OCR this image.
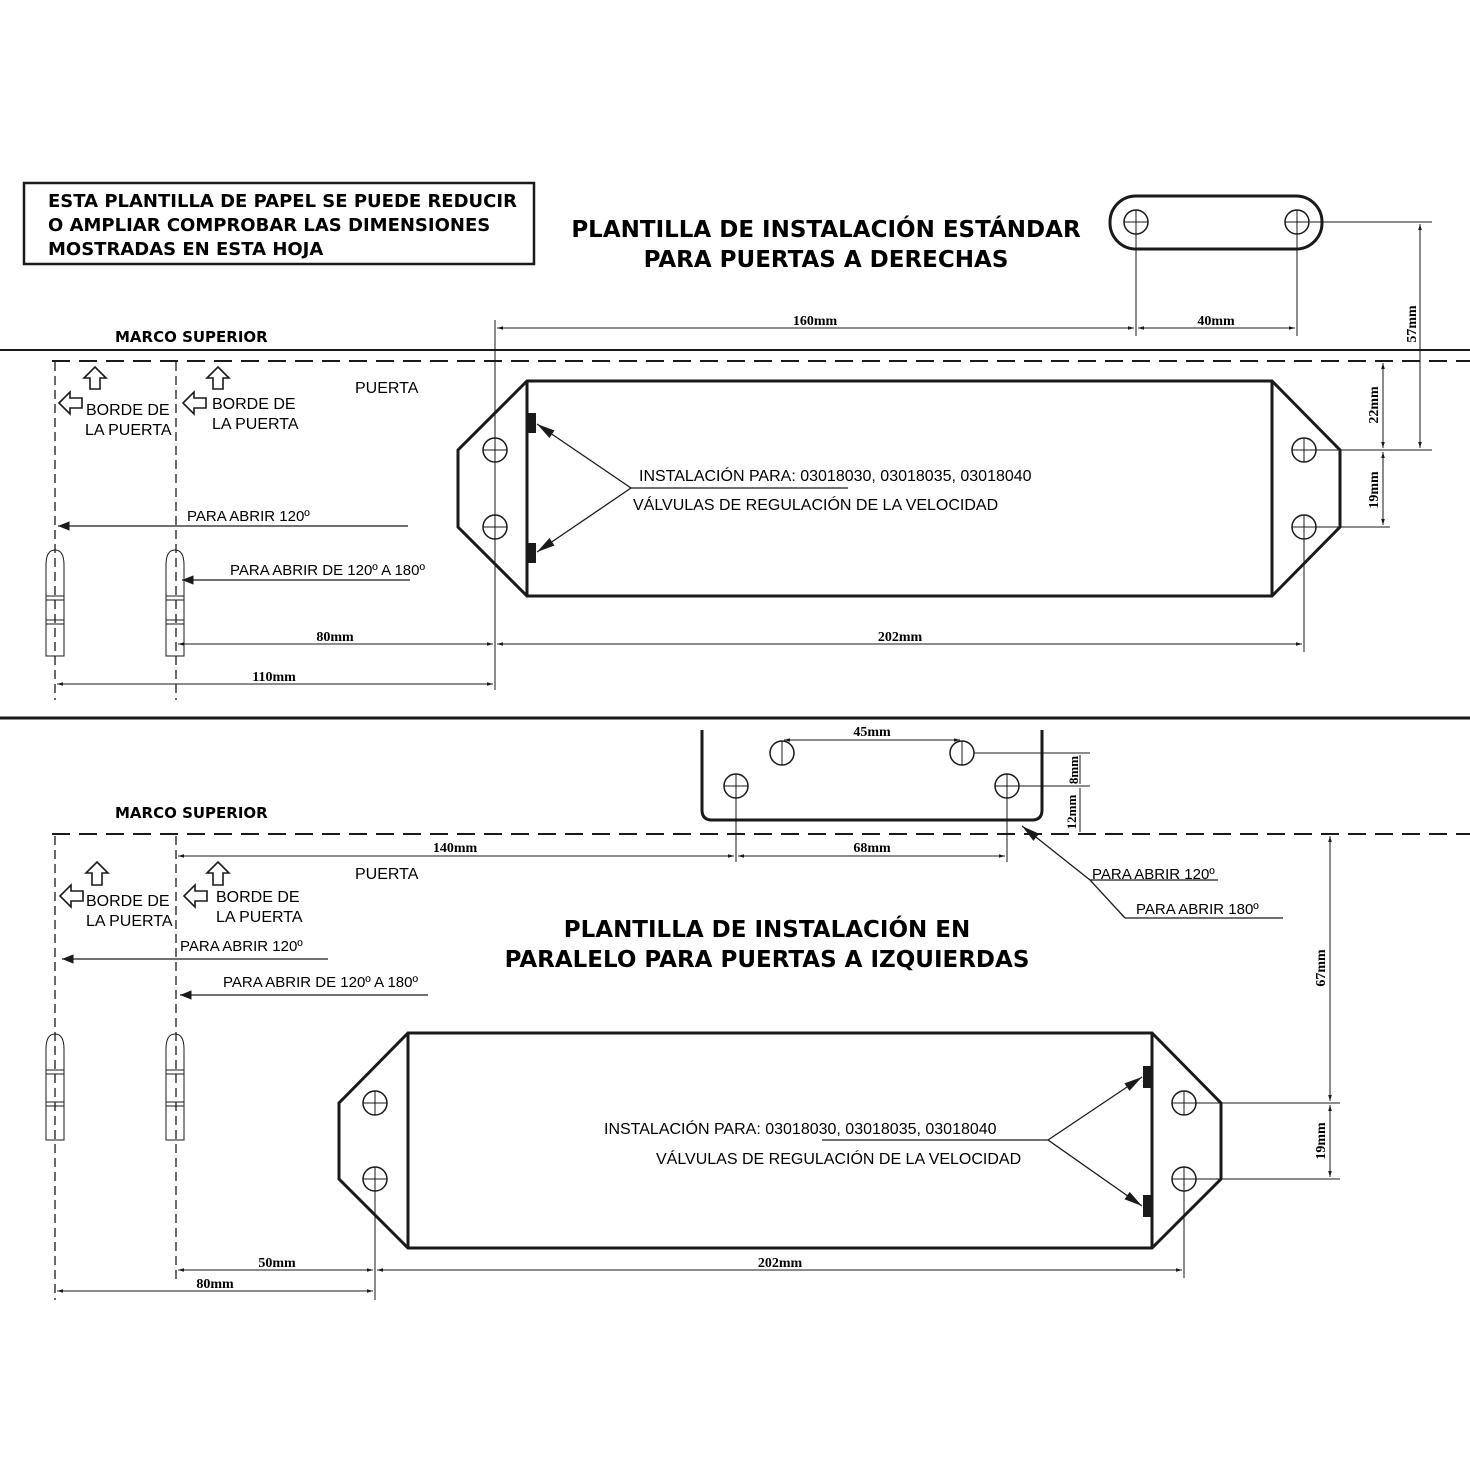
ESTA PLANTILLA DE PAPEL SE PUEDE REDUCIR
O AMPLIAR COMPROBAR LAS DIMENSIONES
MOSTRADAS EN ESTA HOJA
PLANTILLA DE INSTALACIÓN ESTÁNDAR
PARA PUERTAS A DERECHAS
MARCO SUPERIOR
PUERTA
BORDE DE
LA PUERTA
BORDE DE
LA PUERTA
PARA ABRIR 120º
PARA ABRIR DE 120º A 180º
INSTALACIÓN PARA: 03018030, 03018035, 03018040
VÁLVULAS DE REGULACIÓN DE LA VELOCIDAD
160mm	40mm	57mm
22mm
19mm
80mm	202mm
110mm
45mm
8mm
12mm
MARCO SUPERIOR
PUERTA
140mm	68mm
PARA ABRIR 120º
PARA ABRIR 180º
BORDE DE
LA PUERTA
BORDE DE
LA PUERTA
PARA ABRIR 120º
PARA ABRIR DE 120º A 180º
PLANTILLA DE INSTALACIÓN EN
PARALELO PARA PUERTAS A IZQUIERDAS
INSTALACIÓN PARA: 03018030, 03018035, 03018040
VÁLVULAS DE REGULACIÓN DE LA VELOCIDAD
67mm
19mm
50mm	202mm
80mm
